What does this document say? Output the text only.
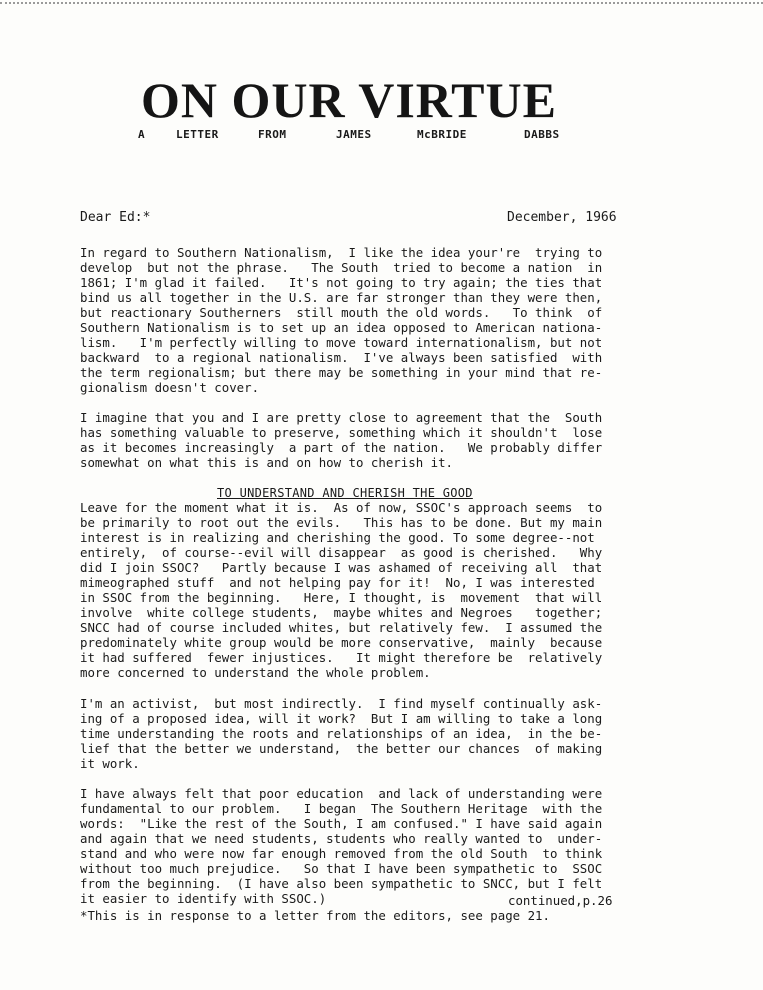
ON OUR VIRTUE
A	LETTER	FROM	JAMES	McBRIDE	DABBS
Dear Ed:*	December, 1966

In regard to Southern Nationalism,  I like the idea your're  trying to
develop  but not the phrase.   The South  tried to become a nation  in
1861; I'm glad it failed.   It's not going to try again; the ties that
bind us all together in the U.S. are far stronger than they were then,
but reactionary Southerners  still mouth the old words.   To think  of
Southern Nationalism is to set up an idea opposed to American nationa-
lism.   I'm perfectly willing to move toward internationalism, but not
backward  to a regional nationalism.  I've always been satisfied  with
the term regionalism; but there may be something in your mind that re-
gionalism doesn't cover.

I imagine that you and I are pretty close to agreement that the  South
has something valuable to preserve, something which it shouldn't  lose
as it becomes increasingly  a part of the nation.   We probably differ
somewhat on what this is and on how to cherish it.

TO UNDERSTAND AND CHERISH THE GOOD

Leave for the moment what it is.  As of now, SSOC's approach seems  to
be primarily to root out the evils.   This has to be done. But my main
interest is in realizing and cherishing the good. To some degree--not
entirely,  of course--evil will disappear  as good is cherished.   Why
did I join SSOC?   Partly because I was ashamed of receiving all  that
mimeographed stuff  and not helping pay for it!  No, I was interested
in SSOC from the beginning.   Here, I thought, is  movement  that will
involve  white college students,  maybe whites and Negroes   together;
SNCC had of course included whites, but relatively few.  I assumed the
predominately white group would be more conservative,  mainly  because
it had suffered  fewer injustices.   It might therefore be  relatively
more concerned to understand the whole problem.

I'm an activist,  but most indirectly.  I find myself continually ask-
ing of a proposed idea, will it work?  But I am willing to take a long
time understanding the roots and relationships of an idea,  in the be-
lief that the better we understand,  the better our chances  of making
it work.

I have always felt that poor education  and lack of understanding were
fundamental to our problem.   I began  The Southern Heritage  with the
words:  "Like the rest of the South, I am confused." I have said again
and again that we need students, students who really wanted to  under-
stand and who were now far enough removed from the old South  to think
without too much prejudice.   So that I have been sympathetic to  SSOC
from the beginning.  (I have also been sympathetic to SNCC, but I felt
it easier to identify with SSOC.)	continued,p.26
*This is in response to a letter from the editors, see page 21.
